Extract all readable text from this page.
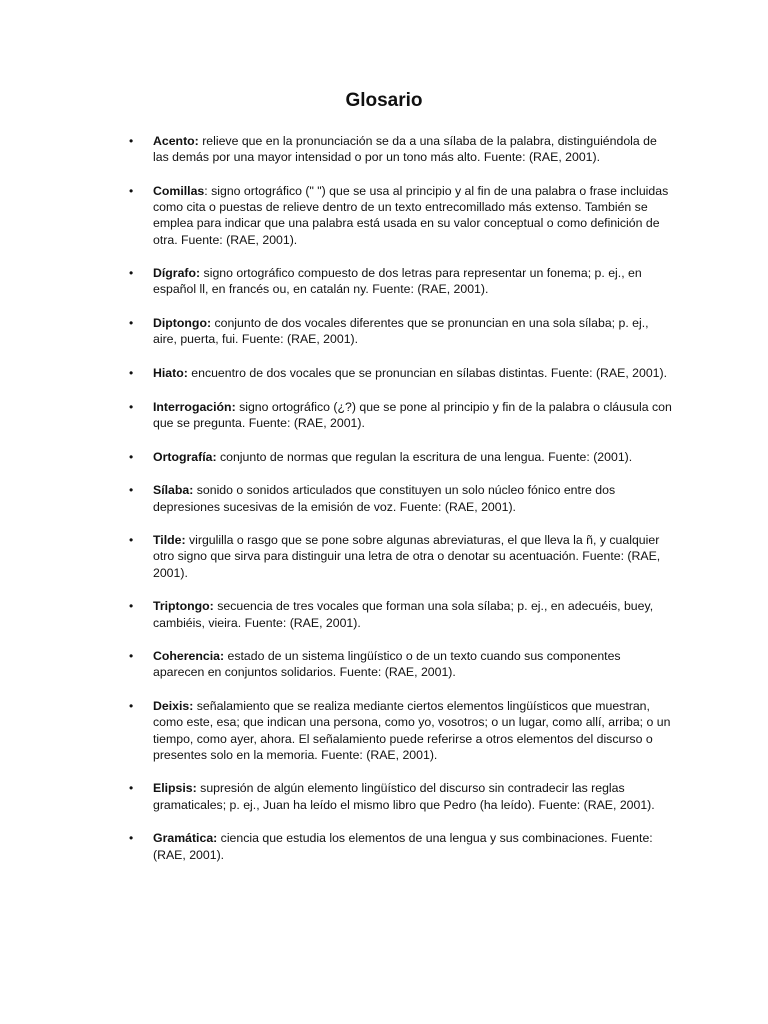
Glosario
• Acento: relieve que en la pronunciación se da a una sílaba de la palabra, distinguiéndola de las demás por una mayor intensidad o por un tono más alto. Fuente: (RAE, 2001).
• Comillas: signo ortográfico (" ") que se usa al principio y al fin de una palabra o frase incluidas como cita o puestas de relieve dentro de un texto entrecomillado más extenso. También se emplea para indicar que una palabra está usada en su valor conceptual o como definición de otra. Fuente: (RAE, 2001).
• Dígrafo: signo ortográfico compuesto de dos letras para representar un fonema; p. ej., en español ll, en francés ou, en catalán ny. Fuente: (RAE, 2001).
• Diptongo: conjunto de dos vocales diferentes que se pronuncian en una sola sílaba; p. ej., aire, puerta, fui. Fuente: (RAE, 2001).
• Hiato: encuentro de dos vocales que se pronuncian en sílabas distintas. Fuente: (RAE, 2001).
• Interrogación: signo ortográfico (¿?) que se pone al principio y fin de la palabra o cláusula con que se pregunta. Fuente: (RAE, 2001).
• Ortografía: conjunto de normas que regulan la escritura de una lengua. Fuente: (2001).
• Sílaba: sonido o sonidos articulados que constituyen un solo núcleo fónico entre dos depresiones sucesivas de la emisión de voz. Fuente: (RAE, 2001).
• Tilde: virgulilla o rasgo que se pone sobre algunas abreviaturas, el que lleva la ñ, y cualquier otro signo que sirva para distinguir una letra de otra o denotar su acentuación. Fuente: (RAE, 2001).
• Triptongo: secuencia de tres vocales que forman una sola sílaba; p. ej., en adecuéis, buey, cambiéis, vieira. Fuente: (RAE, 2001).
• Coherencia: estado de un sistema lingüístico o de un texto cuando sus componentes aparecen en conjuntos solidarios. Fuente: (RAE, 2001).
• Deixis: señalamiento que se realiza mediante ciertos elementos lingüísticos que muestran, como este, esa; que indican una persona, como yo, vosotros; o un lugar, como allí, arriba; o un tiempo, como ayer, ahora. El señalamiento puede referirse a otros elementos del discurso o presentes solo en la memoria. Fuente: (RAE, 2001).
• Elipsis: supresión de algún elemento lingüístico del discurso sin contradecir las reglas gramaticales; p. ej., Juan ha leído el mismo libro que Pedro (ha leído). Fuente: (RAE, 2001).
• Gramática: ciencia que estudia los elementos de una lengua y sus combinaciones. Fuente: (RAE, 2001).
